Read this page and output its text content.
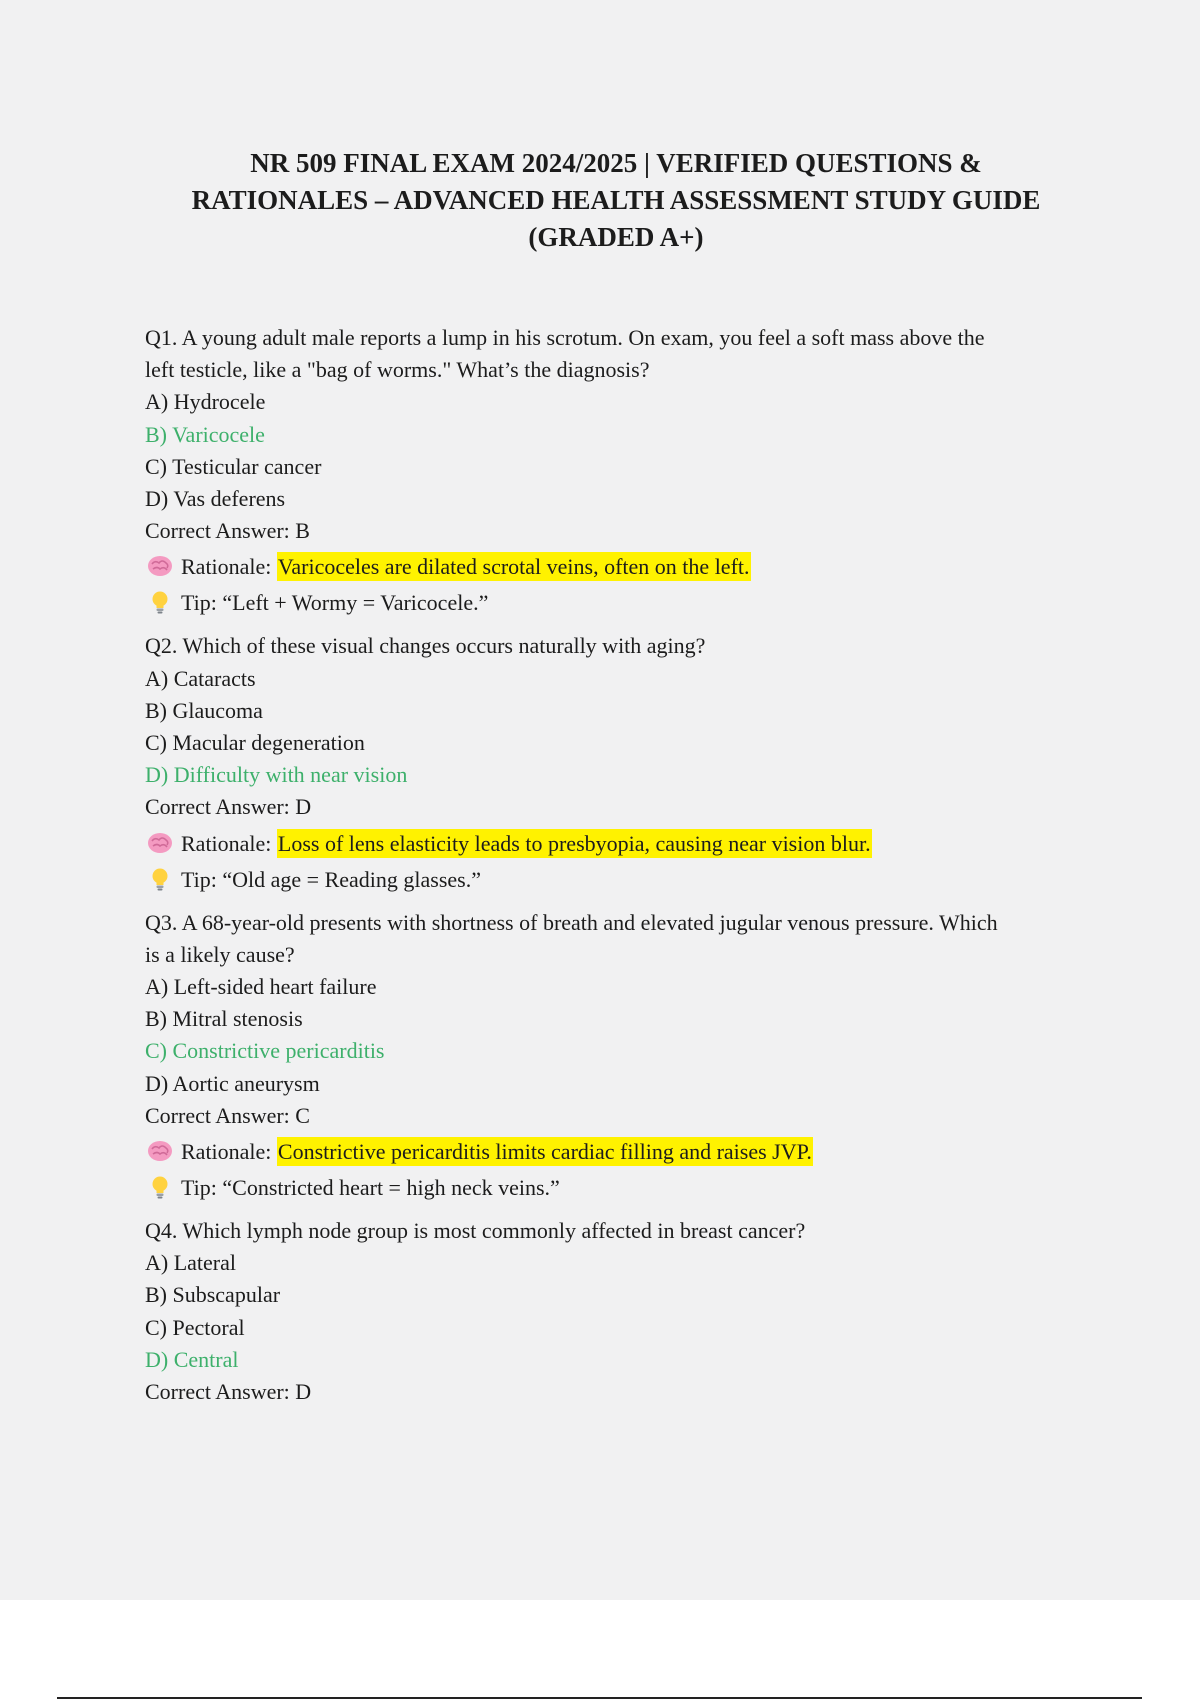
NR 509 FINAL EXAM 2024/2025 | VERIFIED QUESTIONS &
RATIONALES – ADVANCED HEALTH ASSESSMENT STUDY GUIDE
(GRADED A+)
Q1. A young adult male reports a lump in his scrotum. On exam, you feel a soft mass above the
left testicle, like a "bag of worms." What’s the diagnosis?
A) Hydrocele
B) Varicocele
C) Testicular cancer
D) Vas deferens
Correct Answer: B
Rationale: Varicoceles are dilated scrotal veins, often on the left.
Tip: “Left + Wormy = Varicocele.”
Q2. Which of these visual changes occurs naturally with aging?
A) Cataracts
B) Glaucoma
C) Macular degeneration
D) Difficulty with near vision
Correct Answer: D
Rationale: Loss of lens elasticity leads to presbyopia, causing near vision blur.
Tip: “Old age = Reading glasses.”
Q3. A 68-year-old presents with shortness of breath and elevated jugular venous pressure. Which
is a likely cause?
A) Left-sided heart failure
B) Mitral stenosis
C) Constrictive pericarditis
D) Aortic aneurysm
Correct Answer: C
Rationale: Constrictive pericarditis limits cardiac filling and raises JVP.
Tip: “Constricted heart = high neck veins.”
Q4. Which lymph node group is most commonly affected in breast cancer?
A) Lateral
B) Subscapular
C) Pectoral
D) Central
Correct Answer: D
